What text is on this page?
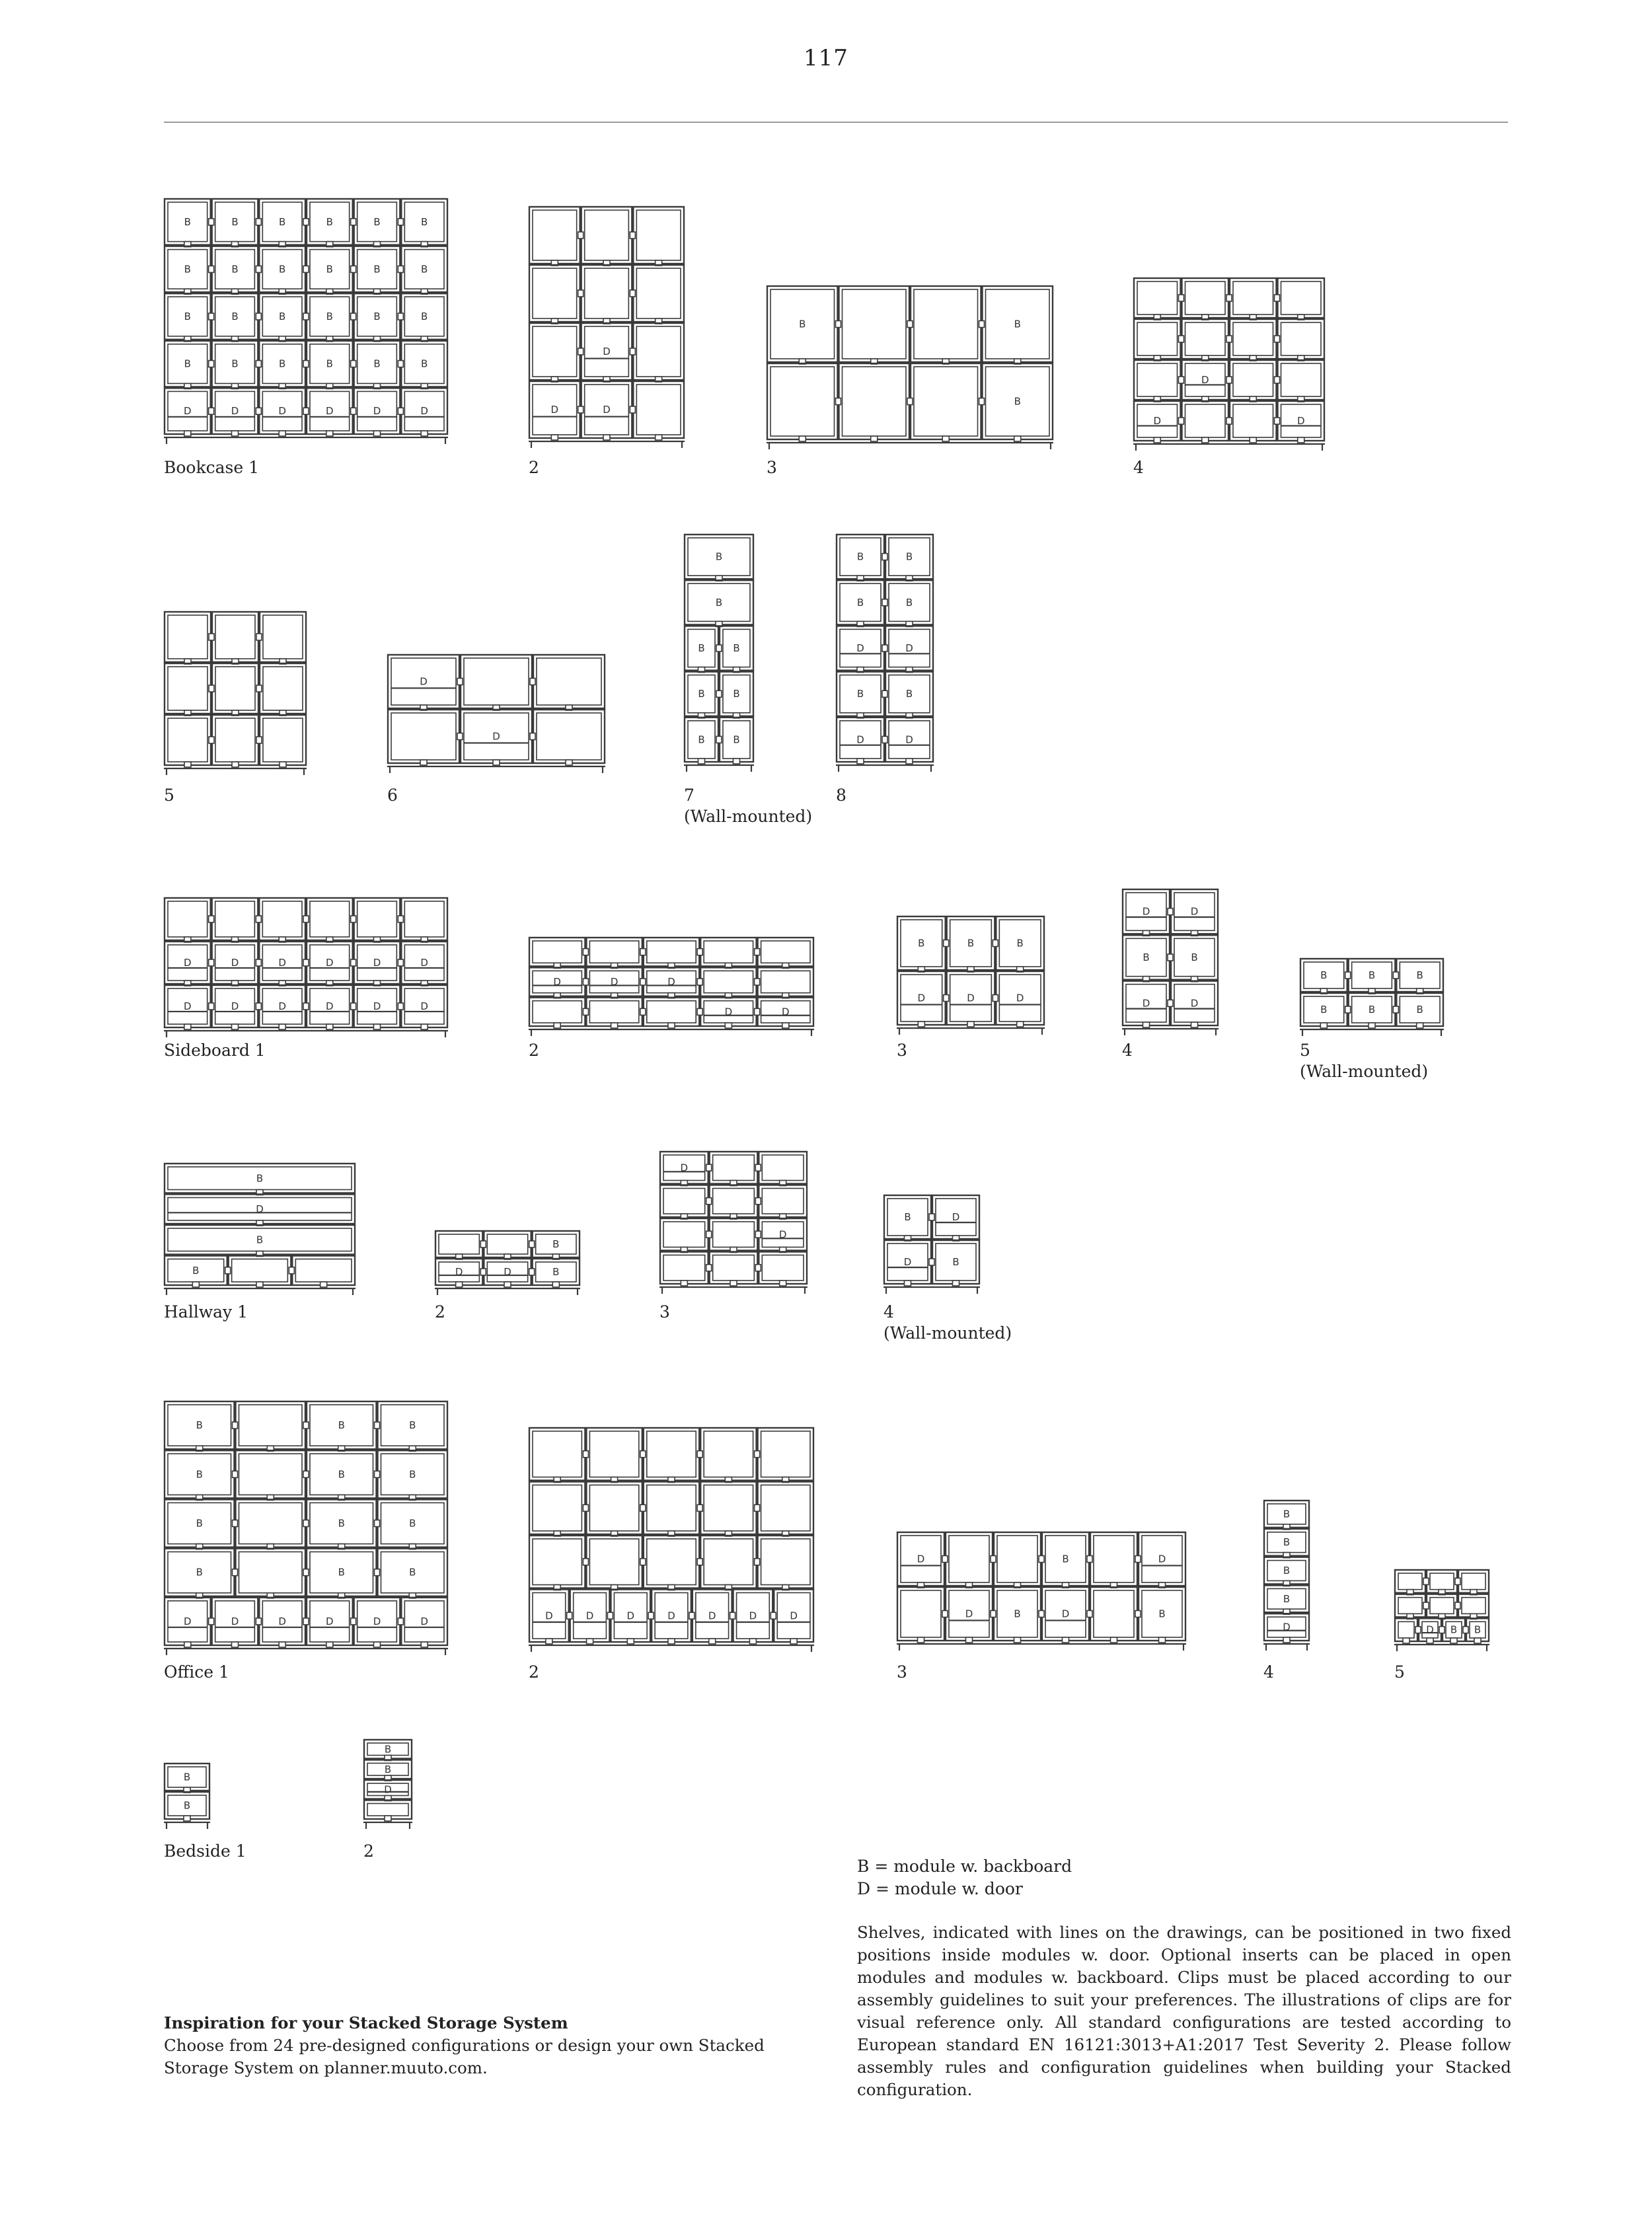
117
B	B	B	B	B	B
B	B	B	B	B	B
B	B	B	B	B	B
B	B	B	B	B	B
D	D	D	D	D	D
D
D	D
B	B
B
D
D	D
D
D
B
B
B	B
B	B
B	B
B	B
B	B
D	D
B	B
D	D
D	D	D	D	D	D
D	D	D	D	D	D
D	D	D
D	D
B	B	B
D	D	D
D	D
B	B
D	D
B	B	B
B	B	B
B
D
B
B
B
D	D	B
D
D
B	D
D	B
B	B	B
B	B	B
B	B	B
B	B	B
D	D	D	D	D	D	D	D	D	D	D	D	D
D	B	D
D	B	D	B
B
B
B
B
D	D B B
B
B
B
B
D
Bookcase 1	2	3	4
5	6	7
(Wall-mounted)
8
Sideboard 1	2	3	4	5
(Wall-mounted)
Hallway 1	2	3	4
(Wall-mounted)
Office 1	2	3	4	5
Bedside 1	2
B = module w. backboard
D = module w. door
Shelves, indicated with lines on the drawings, can be positioned in two fixed positions inside modules w. door. Optional inserts can be placed in open modules and modules w. backboard. Clips must be placed according to our assembly guidelines to suit your preferences. The illustrations of clips are for visual reference only. All standard configurations are tested according to European standard EN 16121:3013+A1:2017 Test Severity 2. Please follow assembly rules and configuration guidelines when building your Stacked configuration.
Inspiration for your Stacked Storage System
Choose from 24 pre-designed configurations or design your own Stacked Storage System on planner.muuto.com.
